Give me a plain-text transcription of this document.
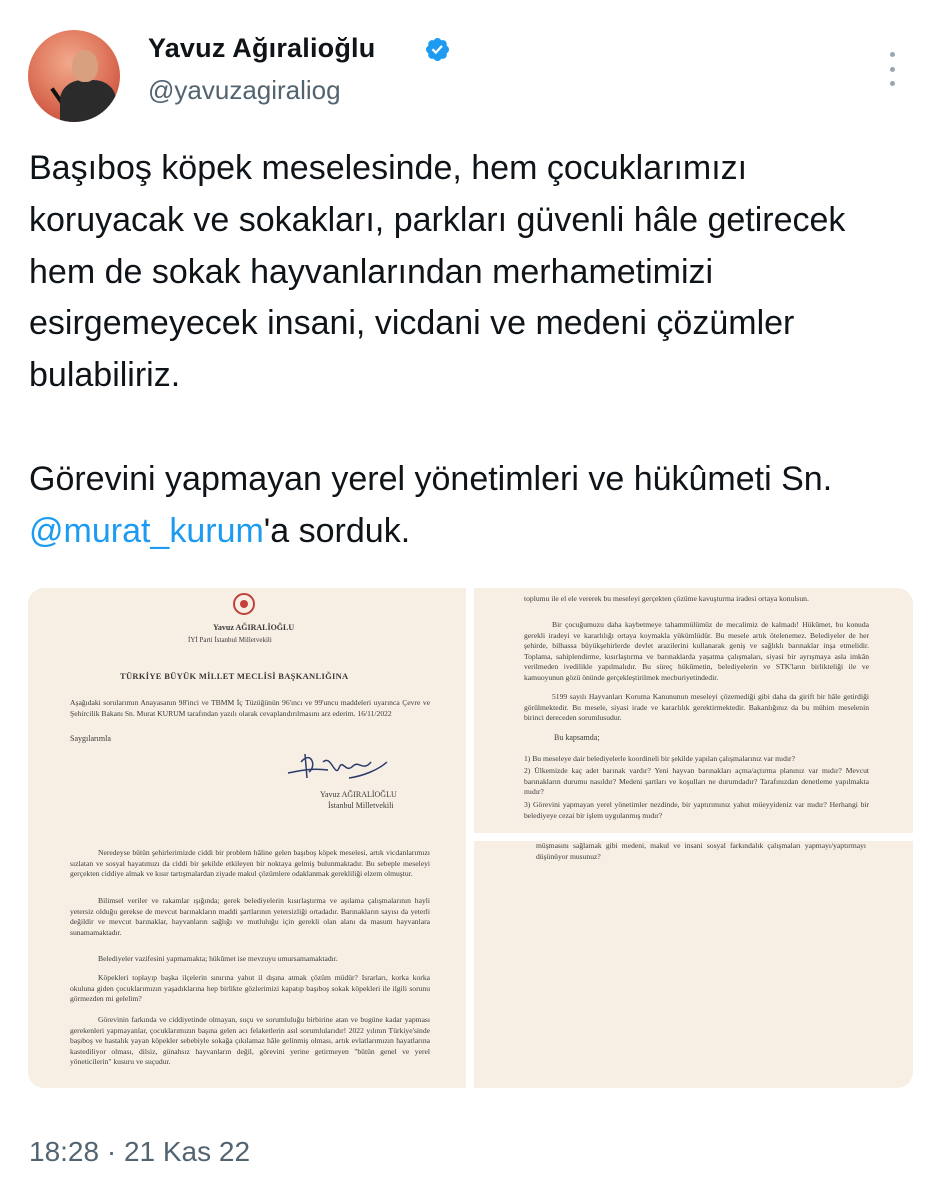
Yavuz Ağıralioğlu
@yavuzagiraliog
Başıboş köpek meselesinde, hem çocuklarımızı koruyacak ve sokakları, parkları güvenli hâle getirecek hem de sokak hayvanlarından merhametimizi esirgemeyecek insani, vicdani ve medeni çözümler bulabiliriz.

Görevini yapmayan yerel yönetimleri ve hükûmeti Sn. @murat_kurum'a sorduk.
Yavuz AĞIRALİOĞLU
İYİ Parti İstanbul Milletvekili
TÜRKİYE BÜYÜK MİLLET MECLİSİ BAŞKANLIĞINA
Aşağıdaki sorularımın Anayasanın 98'inci ve TBMM İç Tüzüğünün 96'ıncı ve 99'uncu maddeleri uyarınca Çevre ve Şehircilik Bakanı Sn. Murat KURUM tarafından yazılı olarak cevaplandırılmasını arz ederim. 16/11/2022
Saygılarımla
Yavuz AĞIRALİOĞLU
İstanbul Milletvekili
Neredeyse bütün şehirlerimizde ciddi bir problem hâline gelen başıboş köpek meselesi, artık vicdanlarımızı sızlatan ve sosyal hayatımızı da ciddi bir şekilde etkileyen bir noktaya gelmiş bulunmaktadır. Bu sebeple meseleyi gerçekten ciddiye almak ve kısır tartışmalardan ziyade makul çözümlere odaklanmak gerekliliği elzem olmuştur.
Bilimsel veriler ve rakamlar ışığında; gerek belediyelerin kısırlaştırma ve aşılama çalışmalarının hayli yetersiz olduğu gerekse de mevcut barınakların maddi şartlarının yetersizliği ortadadır. Barınakların sayısı da yeterli değildir ve mevcut barınaklar, hayvanların sağlığı ve mutluluğu için gerekli olan alanı da masum hayvanlara sunamamaktadır.
Belediyeler vazifesini yapmamakta; hükûmet ise mevzuyu umursamamaktadır.
Köpekleri toplayıp başka ilçelerin sınırına yahut il dışına atmak çözüm müdür? Israrları, korka korka okuluna giden çocuklarımızın yaşadıklarına hep birlikte gözlerimizi kapatıp başıboş sokak köpekleri ile ilgili sorunu görmezden mi gelelim?
Görevinin farkında ve ciddiyetinde olmayan, suçu ve sorumluluğu birbirine atan ve bugüne kadar yapması gerekenleri yapmayanlar, çocuklarımızın başına gelen acı felaketlerin asıl sorumlularıdır! 2022 yılının Türkiye'sinde başıboş ve hastalık yayan köpekler sebebiyle sokağa çıkılamaz hâle gelinmiş olması, artık evlatlarımızın hayatlarına kastediliyor olması, dilsiz, günahsız hayvanların değil, görevini yerine getirmeyen "bütün genel ve yerel yöneticilerin" kusuru ve suçudur.
toplumu ile el ele vererek bu meseleyi gerçekten çözüme kavuşturma iradesi ortaya konulsun.
Bir çocuğumuzu daha kaybetmeye tahammülümüz de mecalimiz de kalmadı! Hükûmet, bu konuda gerekli iradeyi ve kararlılığı ortaya koymakla yükümlüdür. Bu mesele artık ötelenemez. Belediyeler de her şehirde, bilhassa büyükşehirlerde devlet arazilerini kullanarak geniş ve sağlıklı barınaklar inşa etmelidir. Toplama, sahiplendirme, kısırlaştırma ve barınaklarda yaşatma çalışmaları, siyasi bir ayrışmaya asla imkân verilmeden ivedilikle yapılmalıdır. Bu süreç hükûmetin, belediyelerin ve STK'ların birlikteliği ile ve kamuoyunun gözü önünde gerçekleştirilmek mecburiyetindedir.
5199 sayılı Hayvanları Koruma Kanununun meseleyi çözemediği gibi daha da girift bir hâle getirdiği görülmektedir. Bu mesele, siyasi irade ve kararlılık gerektirmektedir. Bakanlığınız da bu mühim meselenin birinci dereceden sorumlusudur.
Bu kapsamda;
1) Bu meseleye dair belediyelerle koordineli bir şekilde yapılan çalışmalarınız var mıdır?
2) Ülkemizde kaç adet barınak vardır? Yeni hayvan barınakları açma/açtırma planınız var mıdır? Mevcut barınakların durumu nasıldır? Medeni şartları ve koşulları ne durumdadır? Tarafınızdan denetleme yapılmakta mıdır?
3) Görevini yapmayan yerel yönetimler nezdinde, bir yaptırımınız yahut müeyyideniz var mıdır? Herhangi bir belediyeye cezai bir işlem uygulanmış mıdır?
müşmasını sağlamak gibi medeni, makul ve insani sosyal farkındalık çalışmaları yapmayı/yaptırmayı düşünüyor musunuz?
18:28 · 21 Kas 22
